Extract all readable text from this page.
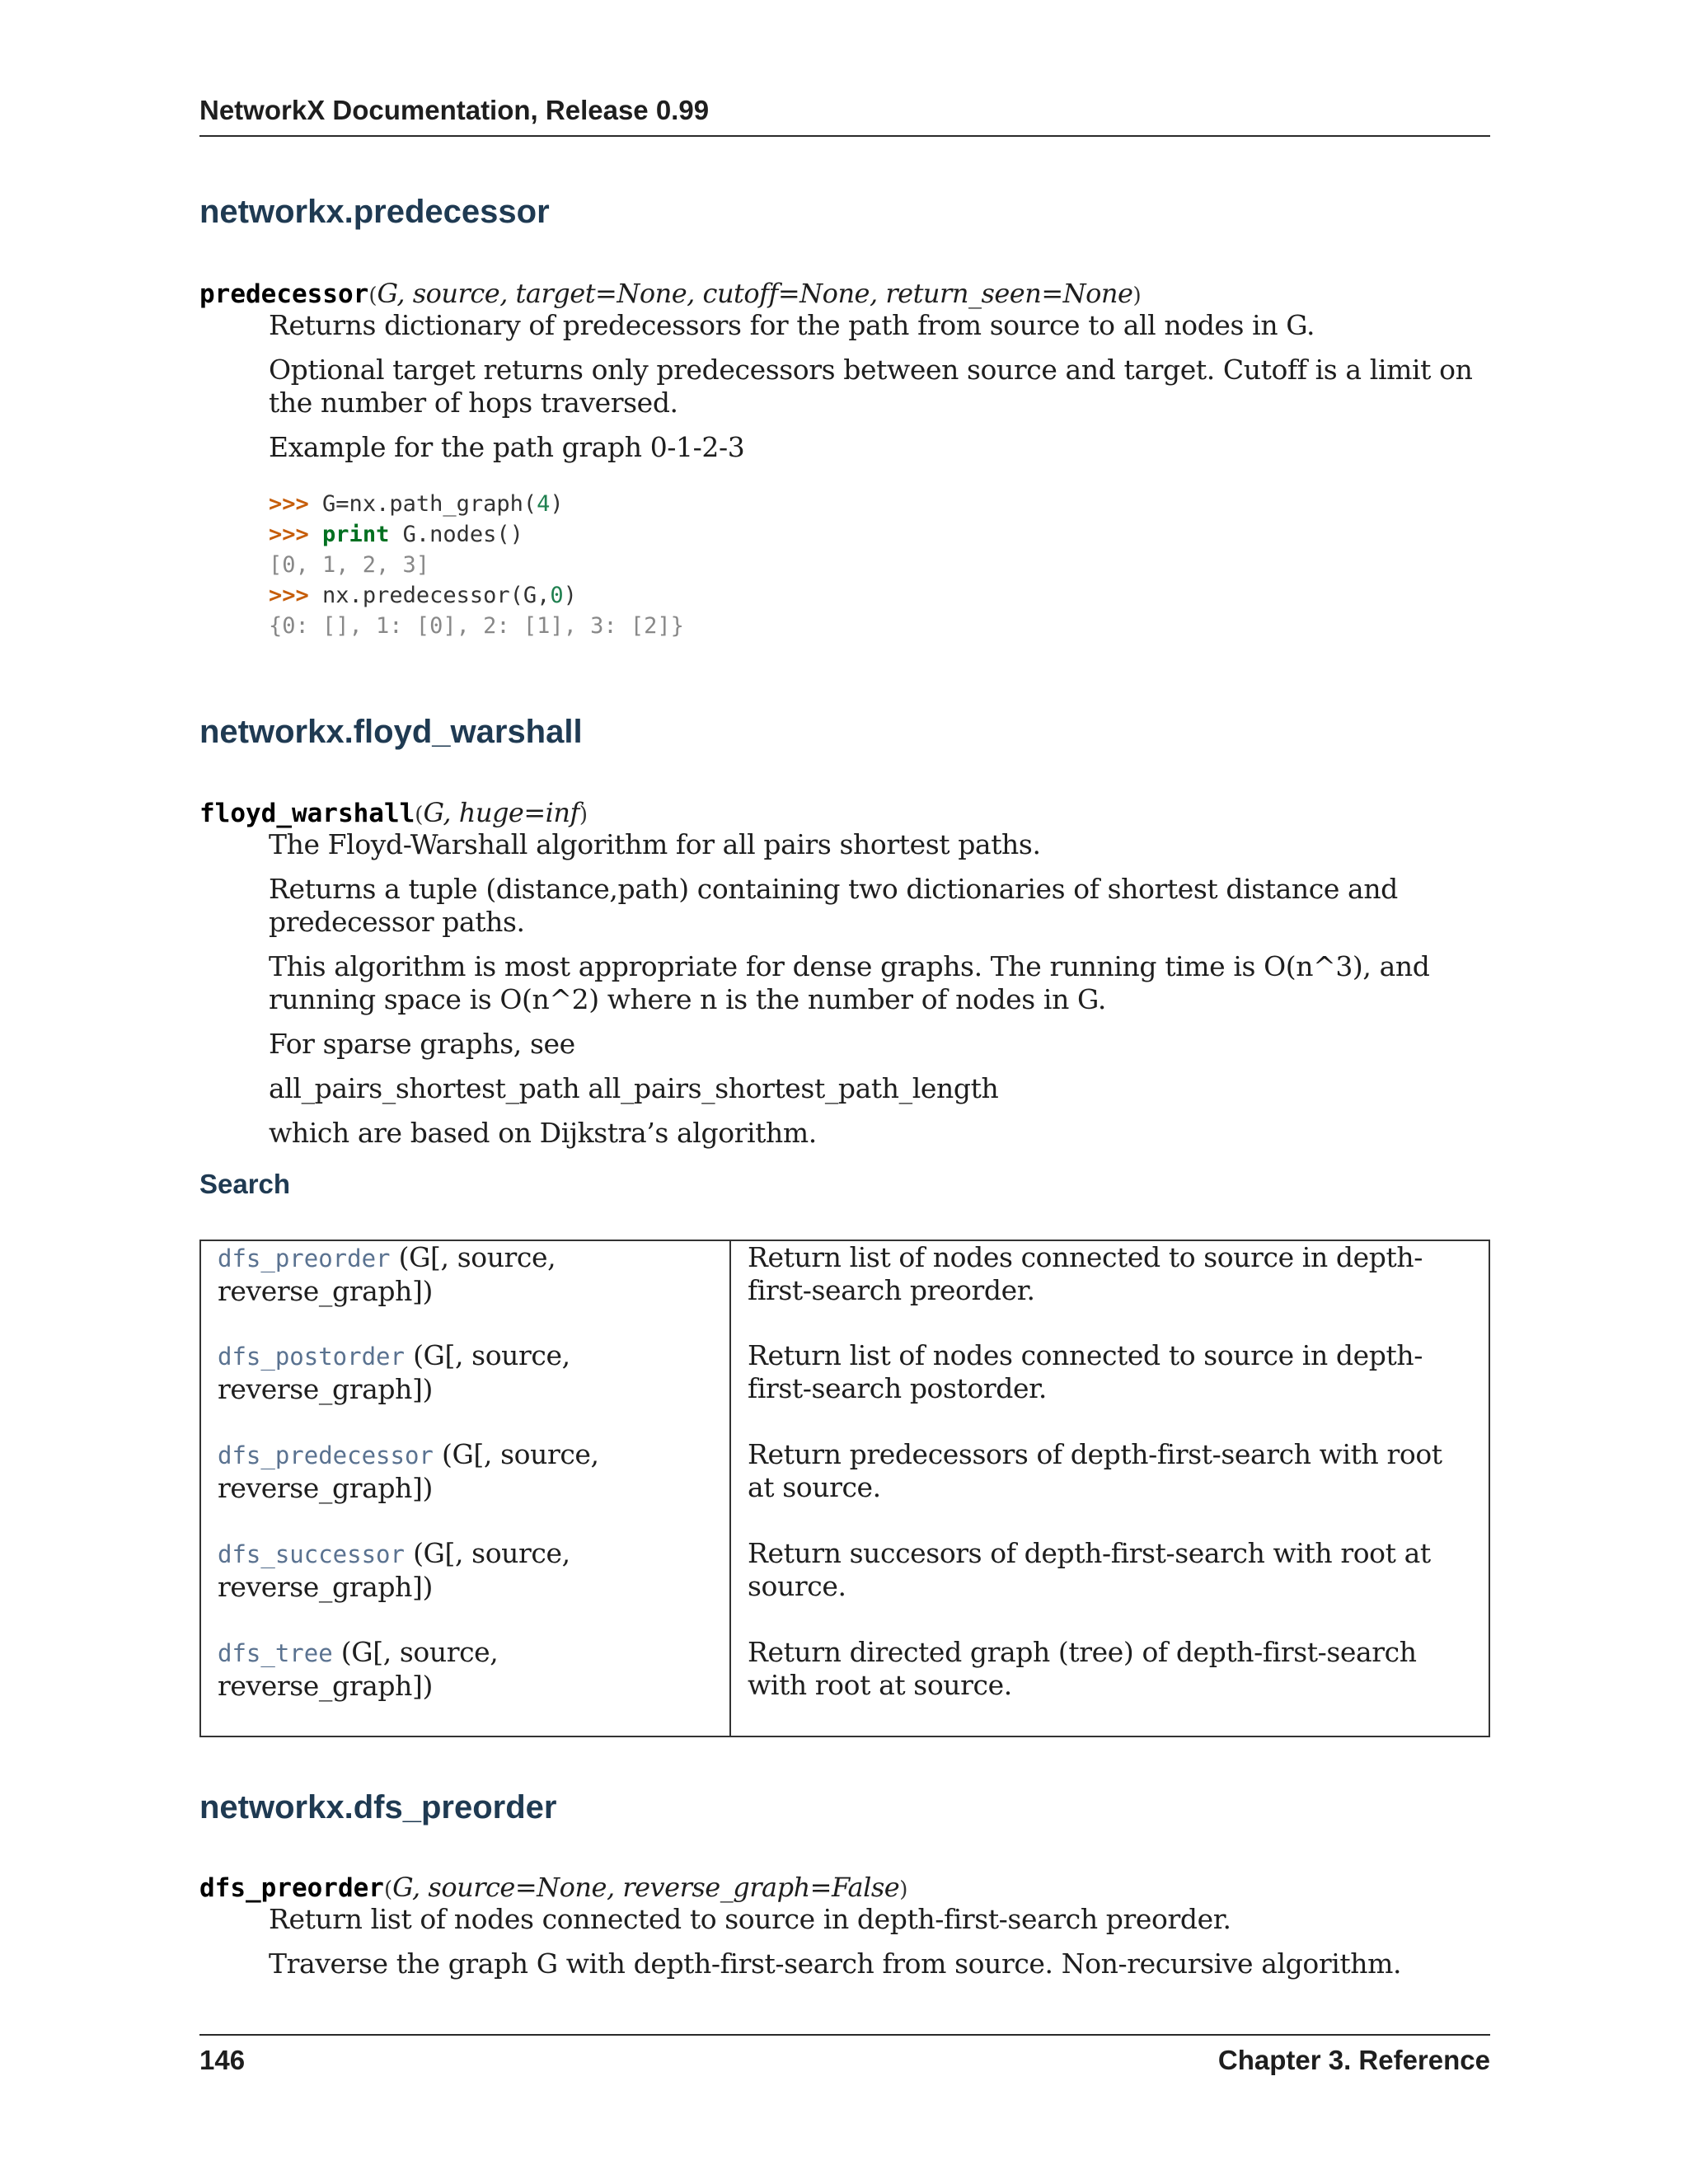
NetworkX Documentation, Release 0.99
networkx.predecessor
predecessor(G, source, target=None, cutoff=None, return_seen=None)

Returns dictionary of predecessors for the path from source to all nodes in G.

Optional target returns only predecessors between source and target. Cutoff is a limit on the number of hops traversed.

Example for the path graph 0-1-2-3

>>> G=nx.path_graph(4)
>>> print G.nodes()
[0, 1, 2, 3]
>>> nx.predecessor(G,0)
{0: [], 1: [0], 2: [1], 3: [2]}
networkx.floyd_warshall
floyd_warshall(G, huge=inf)

The Floyd-Warshall algorithm for all pairs shortest paths.

Returns a tuple (distance,path) containing two dictionaries of shortest distance and predecessor paths.

This algorithm is most appropriate for dense graphs. The running time is O(n^3), and running space is O(n^2) where n is the number of nodes in G.

For sparse graphs, see

all_pairs_shortest_path all_pairs_shortest_path_length

which are based on Dijkstra’s algorithm.

Search
dfs_preorder (G[, source, reverse_graph])	Return list of nodes connected to source in depth-first-search preorder.
dfs_postorder (G[, source, reverse_graph])	Return list of nodes connected to source in depth-first-search postorder.
dfs_predecessor (G[, source, reverse_graph])	Return predecessors of depth-first-search with root at source.
dfs_successor (G[, source, reverse_graph])	Return succesors of depth-first-search with root at source.
dfs_tree (G[, source, reverse_graph])	Return directed graph (tree) of depth-first-search with root at source.
networkx.dfs_preorder
dfs_preorder(G, source=None, reverse_graph=False)

Return list of nodes connected to source in depth-first-search preorder.

Traverse the graph G with depth-first-search from source. Non-recursive algorithm.

146	Chapter 3. Reference
